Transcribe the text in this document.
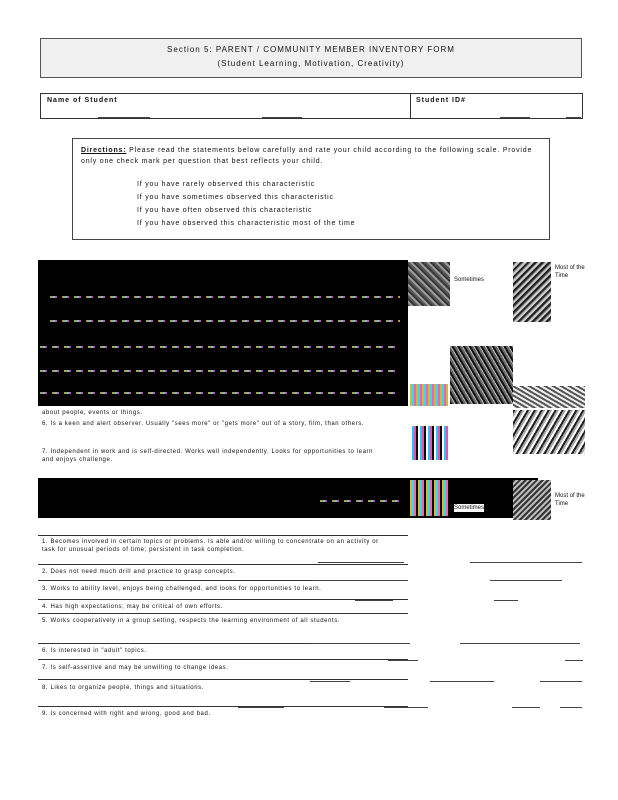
Section 5: PARENT / COMMUNITY MEMBER INVENTORY FORM
(Student Learning, Motivation, Creativity)
Name of Student	Student ID#
Directions: Please read the statements below carefully and rate your child according to the following scale. Provide only one check mark per question that best reflects your child.
If you have rarely observed this characteristic
If you have sometimes observed this characteristic
If you have often observed this characteristic
If you have observed this characteristic most of the time
Sometimes
Most of the Time
about people, events or things.
6. Is a keen and alert observer. Usually "sees more" or "gets more" out of a story, film, than others.
7. Independent in work and is self-directed. Works well independently. Looks for opportunities to learn and enjoys challenge.
Sometimes
Most of the Time
1. Becomes involved in certain topics or problems. Is able and/or willing to concentrate on an activity or task for unusual periods of time; persistent in task completion.
2. Does not need much drill and practice to grasp concepts.
3. Works to ability level, enjoys being challenged, and looks for opportunities to learn.
4. Has high expectations; may be critical of own efforts.
5. Works cooperatively in a group setting, respects the learning environment of all students.
6. Is interested in "adult" topics.
7. Is self-assertive and may be unwilling to change ideas.
8. Likes to organize people, things and situations.
9. Is concerned with right and wrong, good and bad.
